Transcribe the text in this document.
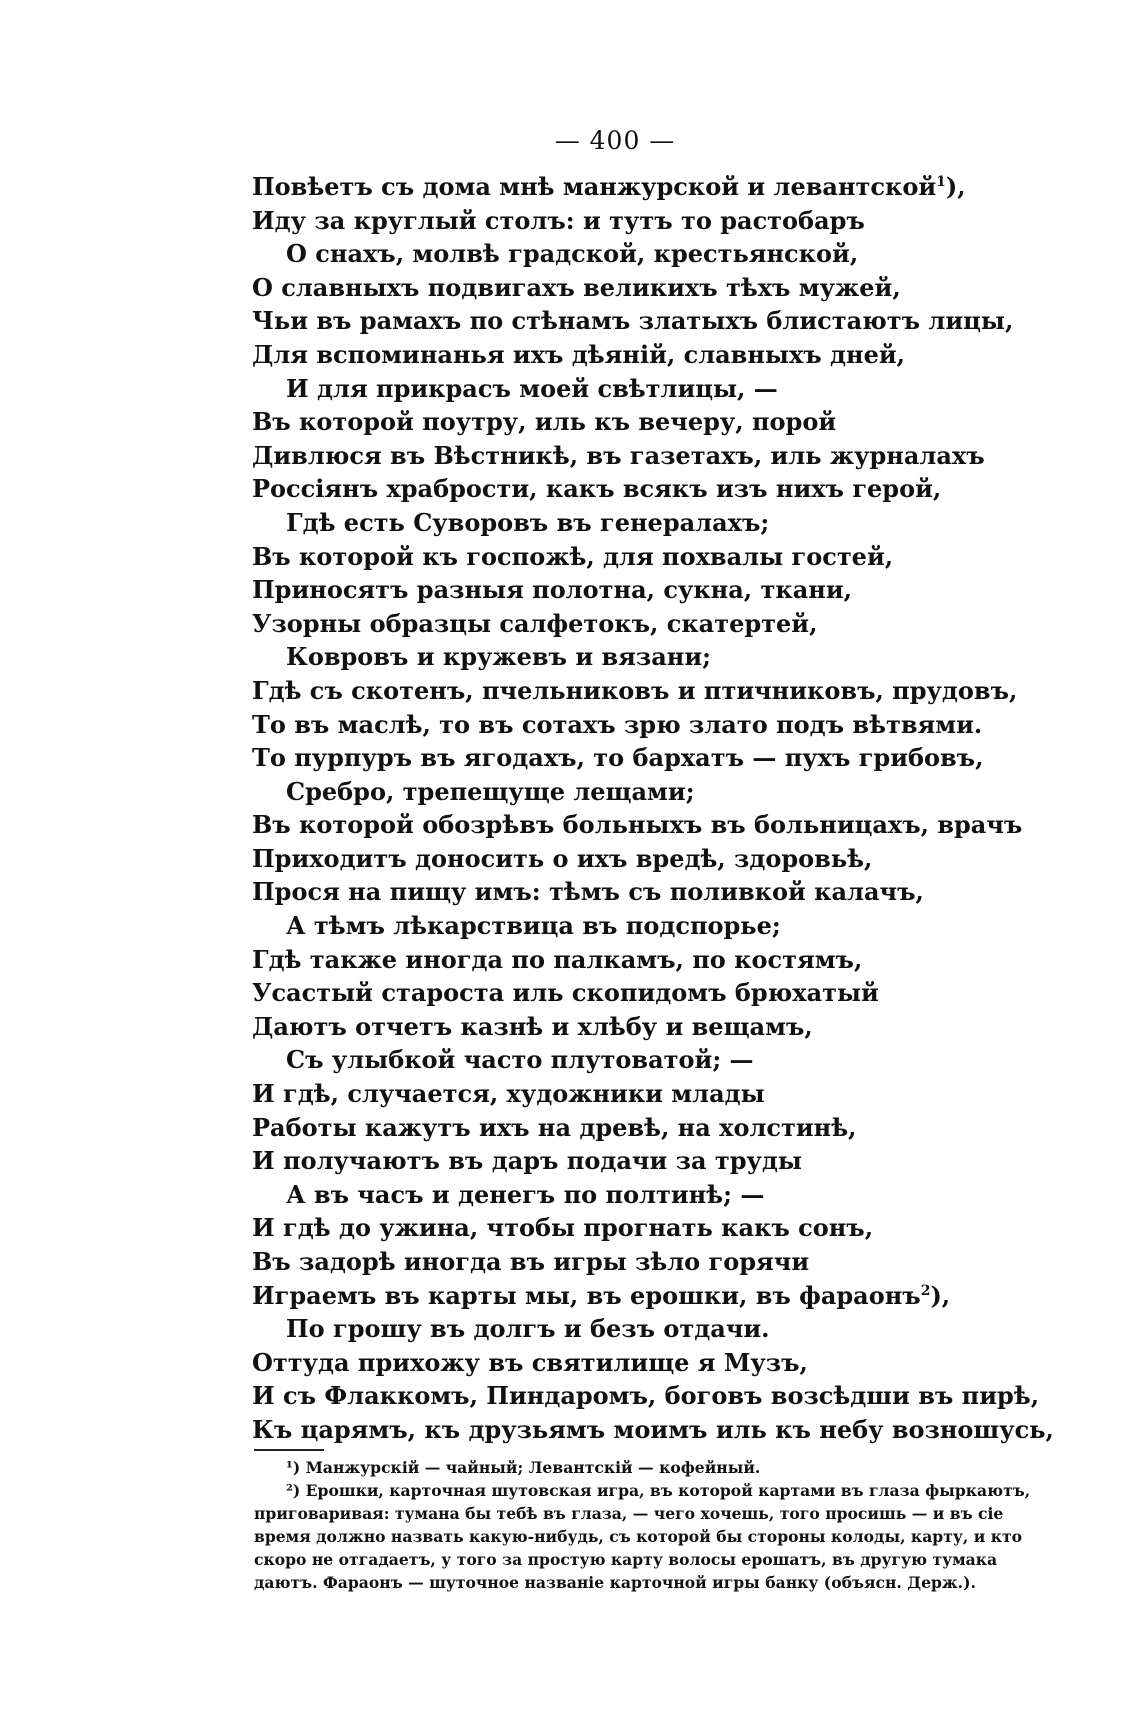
— 400 —
Повѣетъ съ дома мнѣ манжурской и левантской$^1$),
Иду за круглый столъ: и тутъ то растобаръ
О снахъ, молвѣ градской, крестьянской,
О славныхъ подвигахъ великихъ тѣхъ мужей,
Чьи въ рамахъ по стѣнамъ златыхъ блистаютъ лицы,
Для вспоминанья ихъ дѣяній, славныхъ дней,
И для прикрасъ моей свѣтлицы, —
Въ которой поутру, иль къ вечеру, порой
Дивлюся въ Вѣстникѣ, въ газетахъ, иль журналахъ
Россіянъ храбрости, какъ всякъ изъ нихъ герой,
Гдѣ есть Суворовъ въ генералахъ;
Въ которой къ госпожѣ, для похвалы гостей,
Приносятъ разныя полотна, сукна, ткани,
Узорны образцы салфетокъ, скатертей,
Ковровъ и кружевъ и вязани;
Гдѣ съ скотенъ, пчельниковъ и птичниковъ, прудовъ,
То въ маслѣ, то въ сотахъ зрю злато подъ вѣтвями.
То пурпуръ въ ягодахъ, то бархатъ — пухъ грибовъ,
Сребро, трепещуще лещами;
Въ которой обозрѣвъ больныхъ въ больницахъ, врачъ
Приходитъ доносить о ихъ вредѣ, здоровьѣ,
Прося на пищу имъ: тѣмъ съ поливкой калачъ,
А тѣмъ лѣкарствица въ подспорье;
Гдѣ также иногда по палкамъ, по костямъ,
Усастый староста иль скопидомъ брюхатый
Даютъ отчетъ казнѣ и хлѣбу и вещамъ,
Съ улыбкой часто плутоватой; —
И гдѣ, случается, художники млады
Работы кажутъ ихъ на древѣ, на холстинѣ,
И получаютъ въ даръ подачи за труды
А въ часъ и денегъ по полтинѣ; —
И гдѣ до ужина, чтобы прогнать какъ сонъ,
Въ задорѣ иногда въ игры зѣло горячи
Играемъ въ карты мы, въ ерошки, въ фараонъ$^2$),
По грошу въ долгъ и безъ отдачи.
Оттуда прихожу въ святилище я Музъ,
И съ Флаккомъ, Пиндаромъ, боговъ возсѣдши въ пирѣ,
Къ царямъ, къ друзьямъ моимъ иль къ небу возношусь,
¹) Манжурскій — чайный; Левантскій — кофейный.
²) Ерошки, карточная шутовская игра, въ которой картами въ глаза фыркаютъ,
приговаривая: тумана бы тебѣ въ глаза, — чего хочешь, того просишь — и въ сіе
время должно назвать какую-нибудь, съ которой бы стороны колоды, карту, и кто
скоро не отгадаетъ, у того за простую карту волосы ерошатъ, въ другую тумака
даютъ. Фараонъ — шуточное названіе карточной игры банку (объясн. Держ.).
